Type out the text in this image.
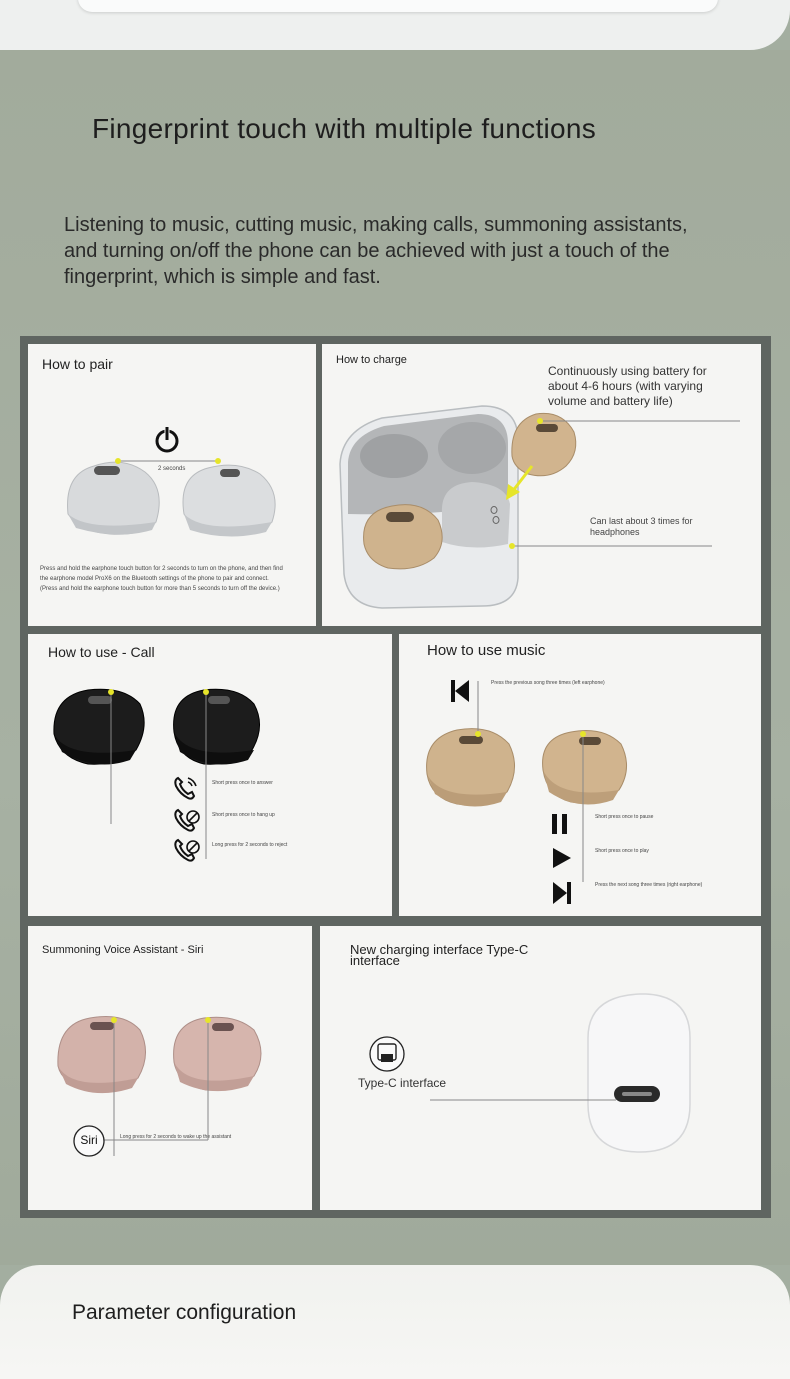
Fingerprint touch with multiple functions

Listening to music, cutting music, making calls, summoning assistants, and turning on/off the phone can be achieved with just a touch of the fingerprint, which is simple and fast.

How to pair
2 seconds
Press and hold the earphone touch button for 2 seconds to turn on the phone, and then find the earphone model ProX6 on the Bluetooth settings of the phone to pair and connect. (Press and hold the earphone touch button for more than 5 seconds to turn off the device.)
How to charge
Continuously using battery for about 4-6 hours (with varying volume and battery life)
Can last about 3 times for headphones
How to use - Call
Short press once to answer
Short press once to hang up
Long press for 2 seconds to reject
How to use music
Press the previous song three times (left earphone)
Short press once to pause
Short press once to play
Press the next song three times (right earphone)
Summoning Voice Assistant - Siri
Siri	Long press for 2 seconds to wake up the assistant
New charging interface Type-C interface
Type-C interface
Parameter configuration
